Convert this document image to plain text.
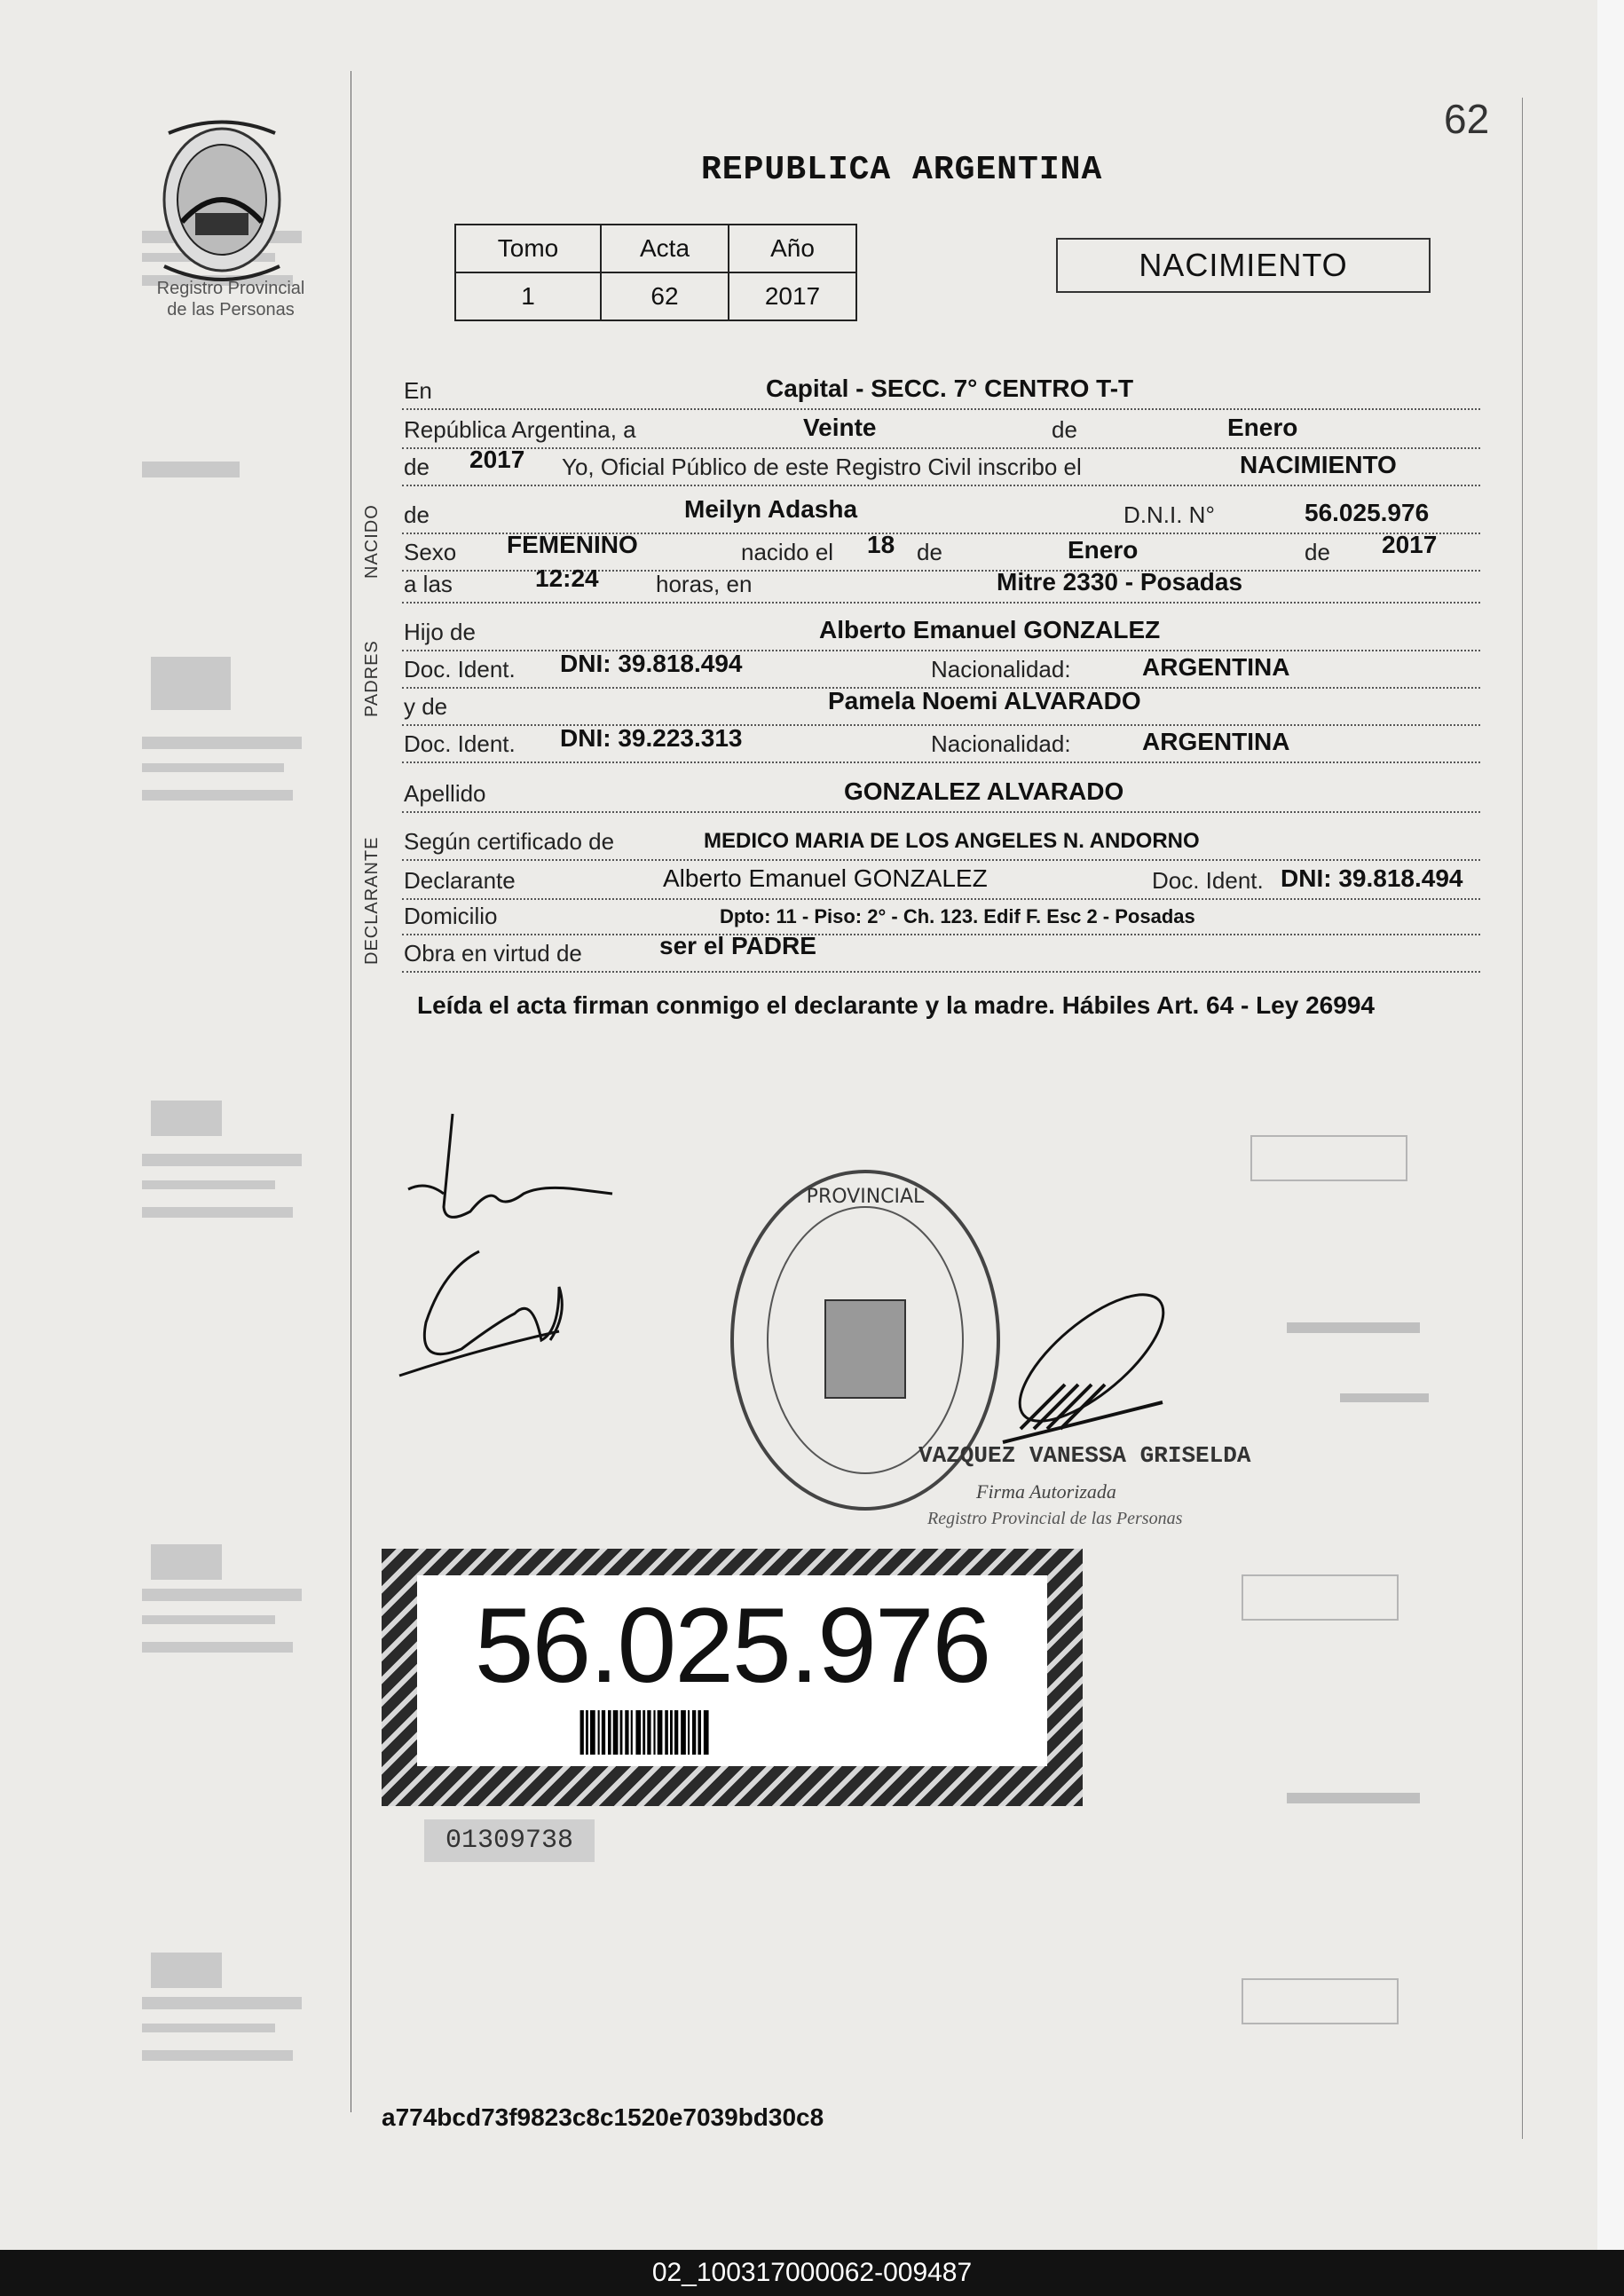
Registro Provincial
de las Personas
62
REPUBLICA ARGENTINA
Tomo	Acta	Año
1	62	2017
NACIMIENTO
NACIDO
PADRES
DECLARANTE
En	Capital - SECC. 7° CENTRO T-T
República Argentina, a	Veinte	de	Enero
de 2017 Yo, Oficial Público de este Registro Civil inscribo el	NACIMIENTO
de	Meilyn Adasha	D.N.I. N°	56.025.976
Sexo FEMENINO	nacido el 18 de	Enero	de 2017
a las	12:24 horas, en	Mitre 2330 - Posadas
Hijo de	Alberto Emanuel GONZALEZ
Doc. Ident. DNI: 39.818.494	Nacionalidad:	ARGENTINA
y de	Pamela Noemi ALVARADO
Doc. Ident. DNI: 39.223.313	Nacionalidad:	ARGENTINA
Apellido	GONZALEZ ALVARADO
Según certificado de	MEDICO MARIA DE LOS ANGELES N. ANDORNO
Declarante	Alberto Emanuel GONZALEZ	Doc. Ident. DNI: 39.818.494
Domicilio	Dpto: 11 - Piso: 2° - Ch. 123. Edif F. Esc 2 - Posadas
Obra en virtud de	ser el PADRE
Leída el acta firman conmigo el declarante y la madre. Hábiles Art. 64 - Ley 26994
PROVINCIAL
VAZQUEZ VANESSA GRISELDA
Firma Autorizada
Registro Provincial de las Personas
56.025.976
01309738
a774bcd73f9823c8c1520e7039bd30c8
02_100317000062-009487
